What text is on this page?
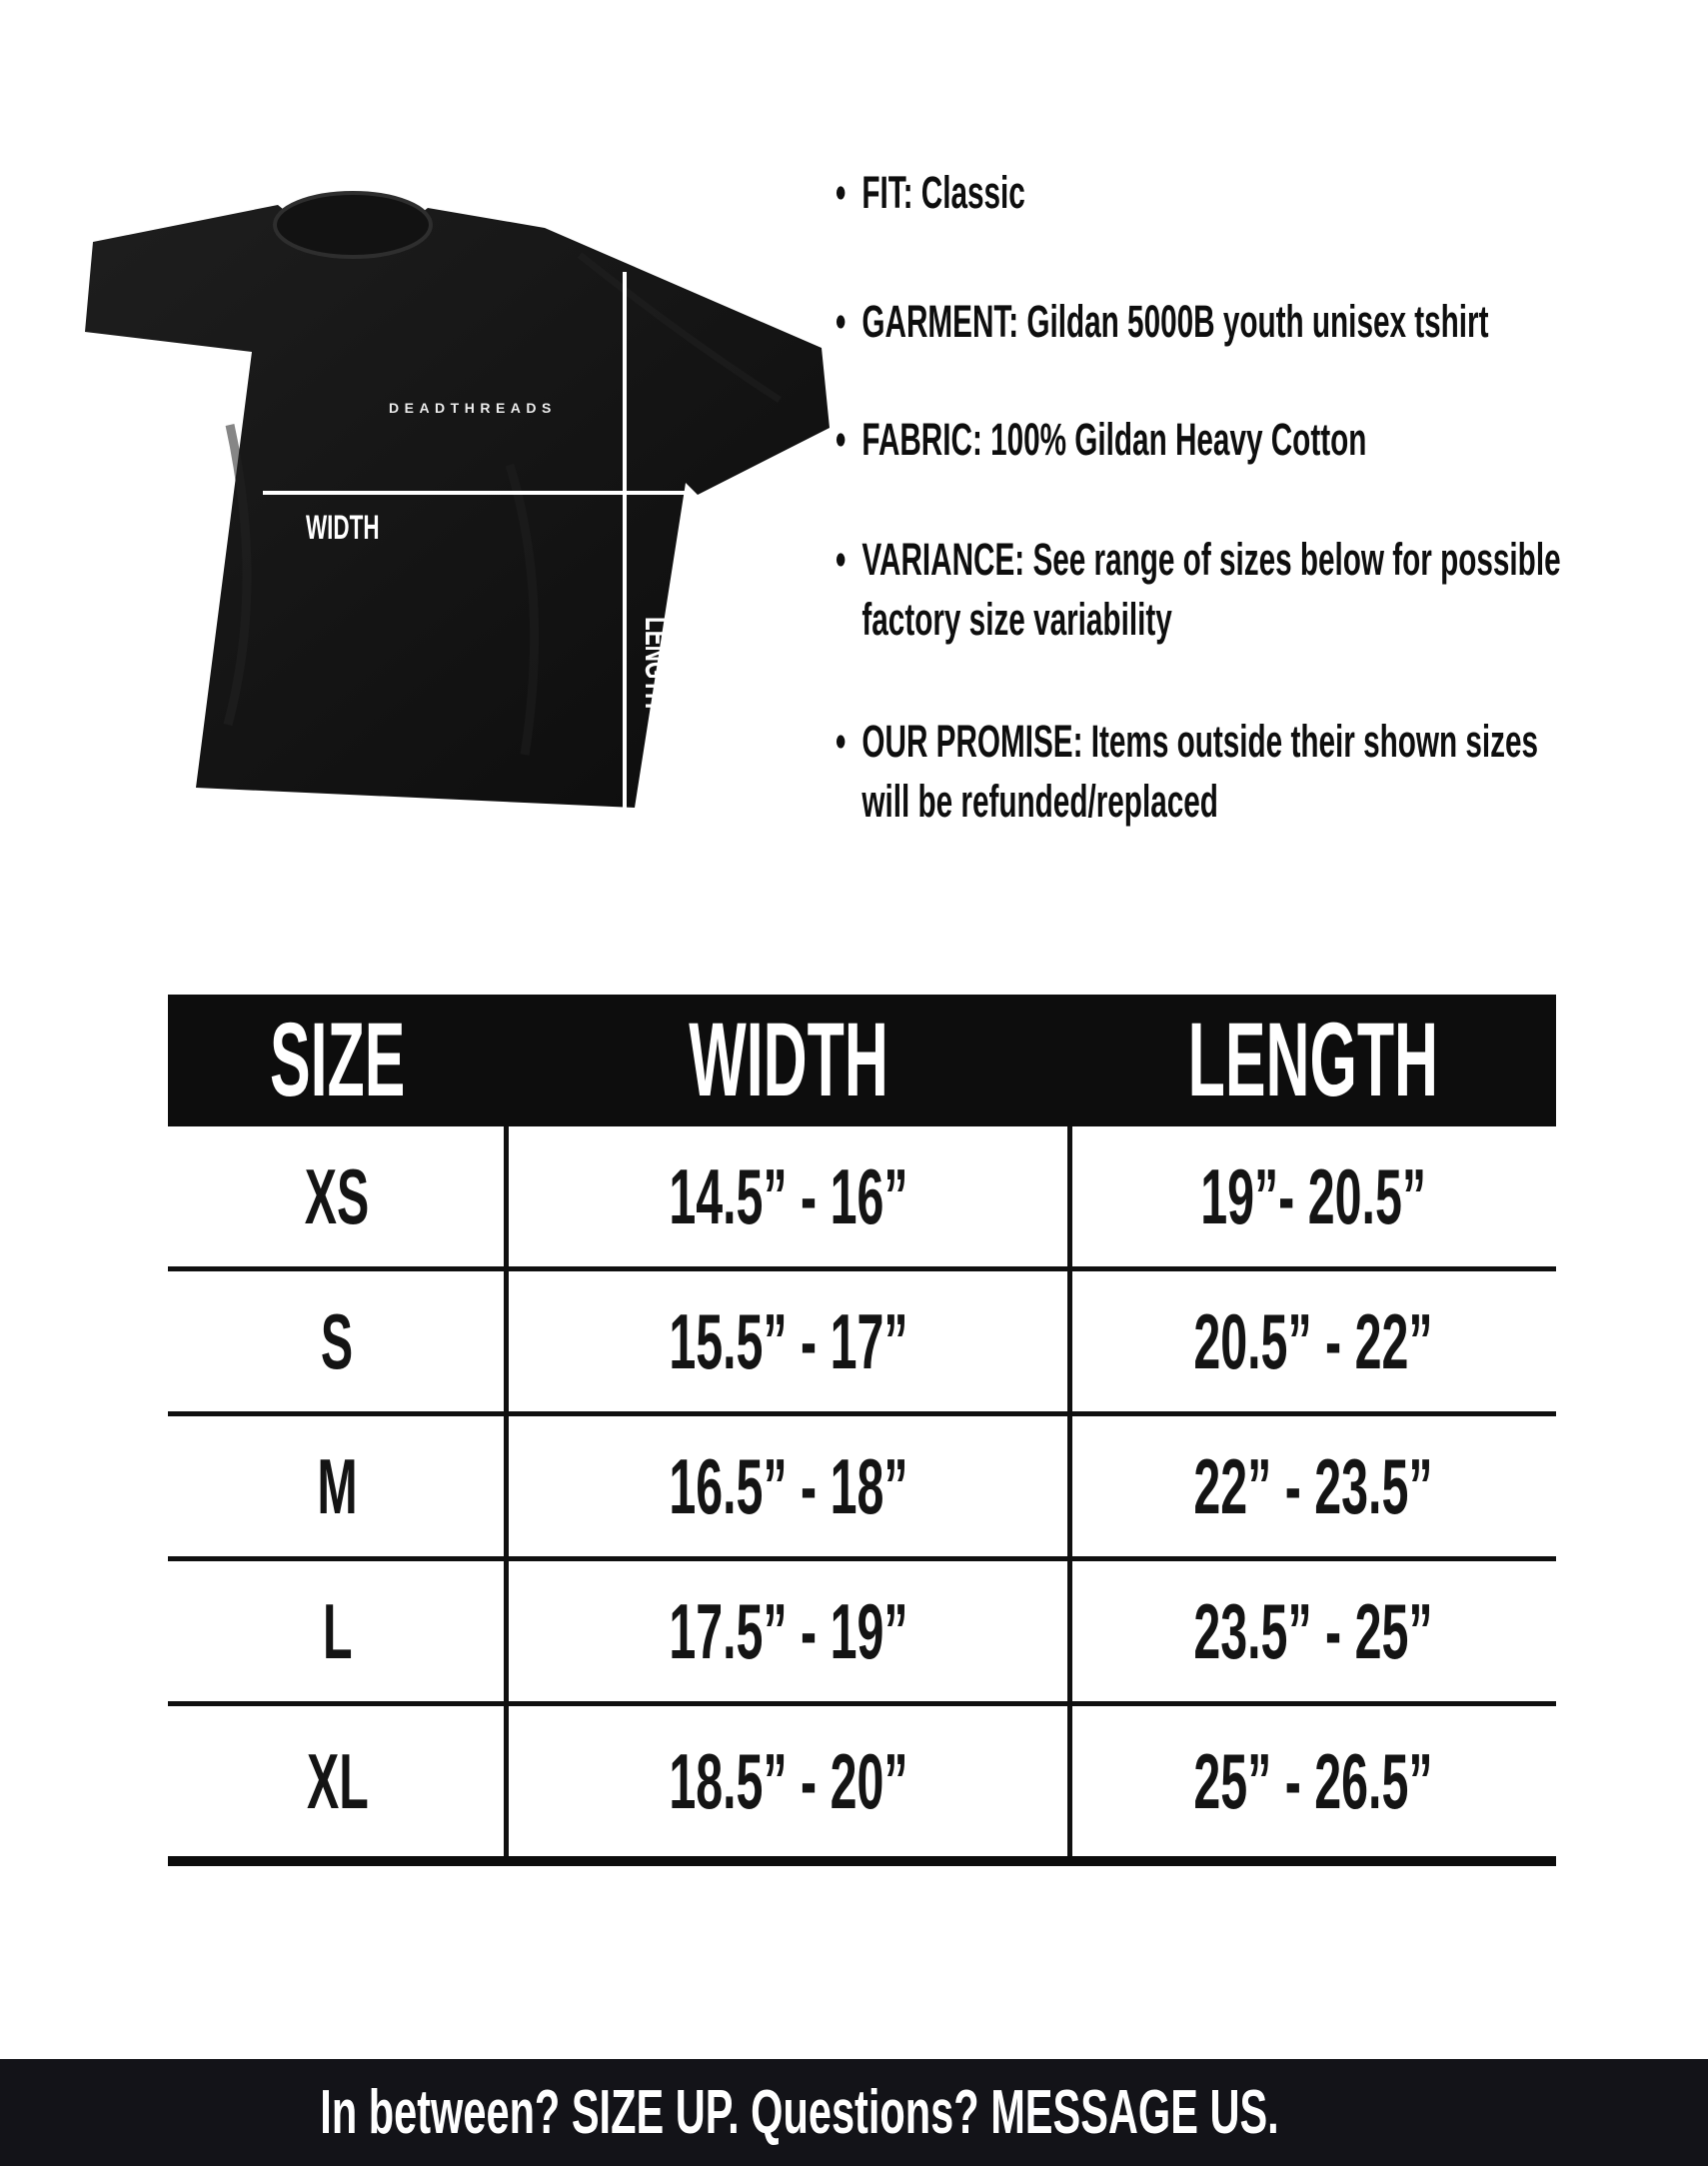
DEADTHREADS
WIDTH
LENGTH
• FIT: Classic
• GARMENT: Gildan 5000B youth unisex tshirt
• FABRIC: 100% Gildan Heavy Cotton
• VARIANCE: See range of sizes below for possible
factory size variability
• OUR PROMISE: Items outside their shown sizes
will be refunded/replaced
SIZE	WIDTH	LENGTH
XS	14.5” - 16”	19”- 20.5”
S	15.5” - 17”	20.5” - 22”
M	16.5” - 18”	22” - 23.5”
L	17.5” - 19”	23.5” - 25”
XL	18.5” - 20”	25” - 26.5”
In between? SIZE UP. Questions? MESSAGE US.
